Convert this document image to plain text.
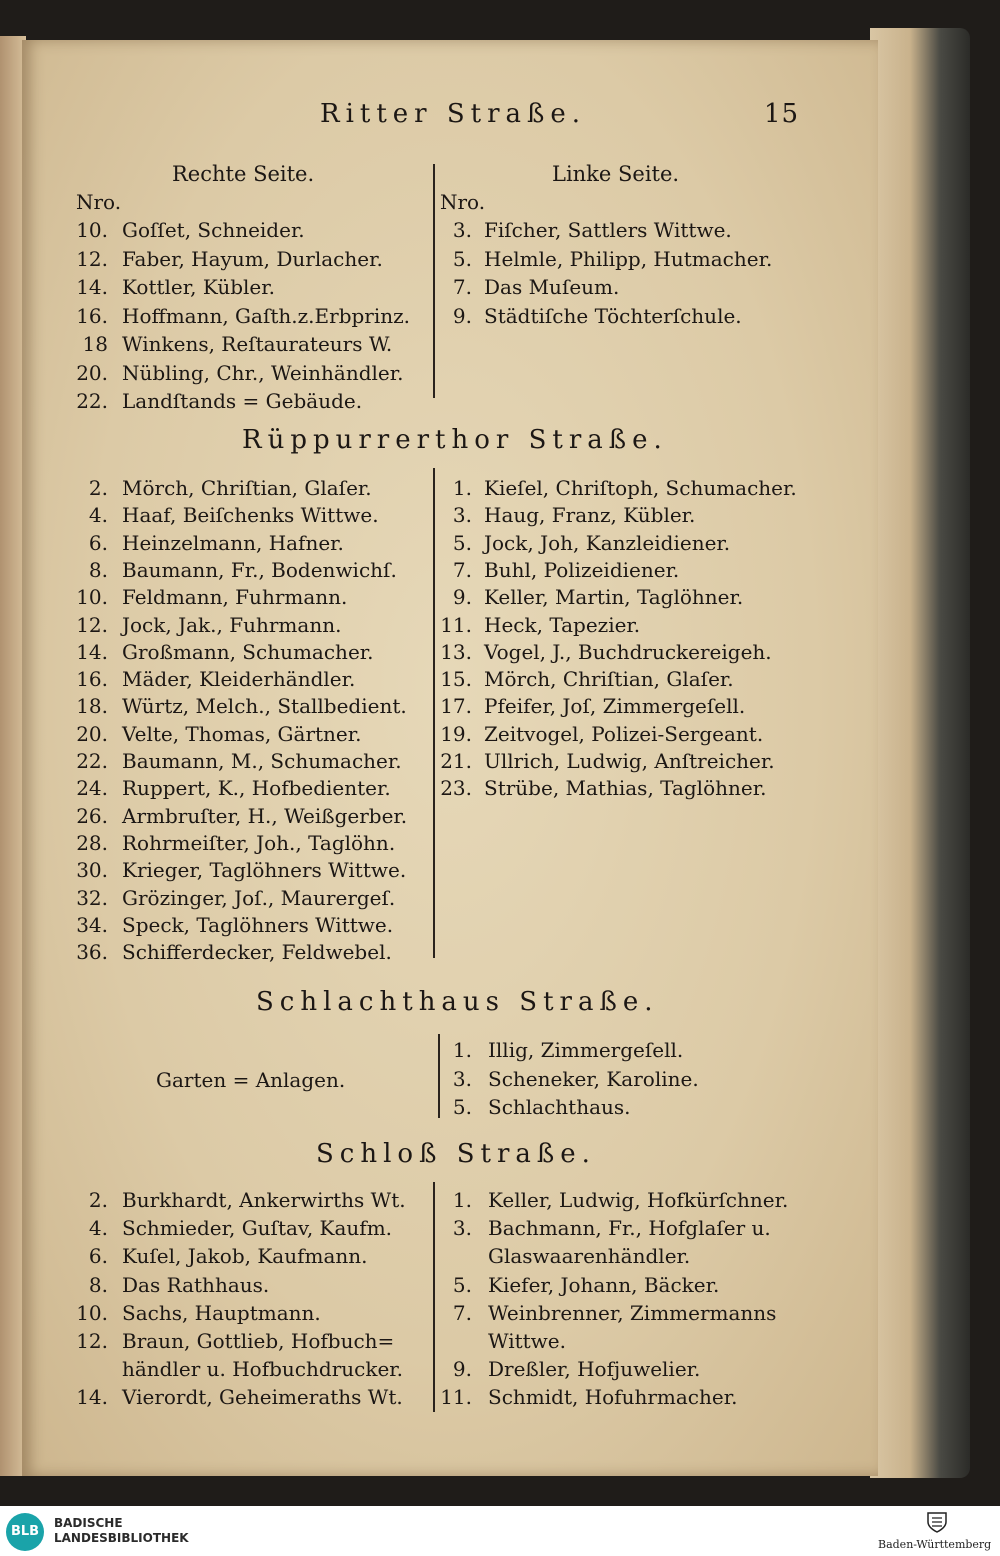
Ritter Straße.	15
Rechte Seite.	Linke Seite.
Nro.	Nro.
10. Goſſet, Schneider.
12. Faber, Hayum, Durlacher.
14. Kottler, Kübler.
16. Hoffmann, Gaſth.z.Erbprinz.
18 Winkens, Reſtaurateurs W.
20. Nübling, Chr., Weinhändler.
22. Landſtands = Gebäude.
3. Fiſcher, Sattlers Wittwe.
5. Helmle, Philipp, Hutmacher.
7. Das Muſeum.
9. Städtiſche Töchterſchule.
Rüppurrerthor Straße.
2. Mörch, Chriſtian, Glaſer.
4. Haaf, Beiſchenks Wittwe.
6. Heinzelmann, Hafner.
8. Baumann, Fr., Bodenwichſ.
10. Feldmann, Fuhrmann.
12. Jock, Jak., Fuhrmann.
14. Großmann, Schumacher.
16. Mäder, Kleiderhändler.
18. Würtz, Melch., Stallbedient.
20. Velte, Thomas, Gärtner.
22. Baumann, M., Schumacher.
24. Ruppert, K., Hofbedienter.
26. Armbruſter, H., Weißgerber.
28. Rohrmeiſter, Joh., Taglöhn.
30. Krieger, Taglöhners Wittwe.
32. Grözinger, Joſ., Maurergeſ.
34. Speck, Taglöhners Wittwe.
36. Schifferdecker, Feldwebel.
1. Kieſel, Chriſtoph, Schumacher.
3. Haug, Franz, Kübler.
5. Jock, Joh, Kanzleidiener.
7. Buhl, Polizeidiener.
9. Keller, Martin, Taglöhner.
11. Heck, Tapezier.
13. Vogel, J., Buchdruckereigeh.
15. Mörch, Chriſtian, Glaſer.
17. Pfeifer, Joſ, Zimmergeſell.
19. Zeitvogel, Polizei-Sergeant.
21. Ullrich, Ludwig, Anſtreicher.
23. Strübe, Mathias, Taglöhner.
Schlachthaus Straße.
Garten = Anlagen.
1. Illig, Zimmergeſell.
3. Scheneker, Karoline.
5. Schlachthaus.
Schloß Straße.
2. Burkhardt, Ankerwirths Wt.
4. Schmieder, Guſtav, Kaufm.
6. Kuſel, Jakob, Kaufmann.
8. Das Rathhaus.
10. Sachs, Hauptmann.
12. Braun, Gottlieb, Hofbuch=
händler u. Hofbuchdrucker.
14. Vierordt, Geheimeraths Wt.
1. Keller, Ludwig, Hofkürſchner.
3. Bachmann, Fr., Hofglaſer u.
Glaswaarenhändler.
5. Kiefer, Johann, Bäcker.
7. Weinbrenner, Zimmermanns
Wittwe.
9. Dreßler, Hofjuwelier.
11. Schmidt, Hofuhrmacher.
BLB
BADISCHE
LANDESBIBLIOTHEK	Baden-Württemberg
